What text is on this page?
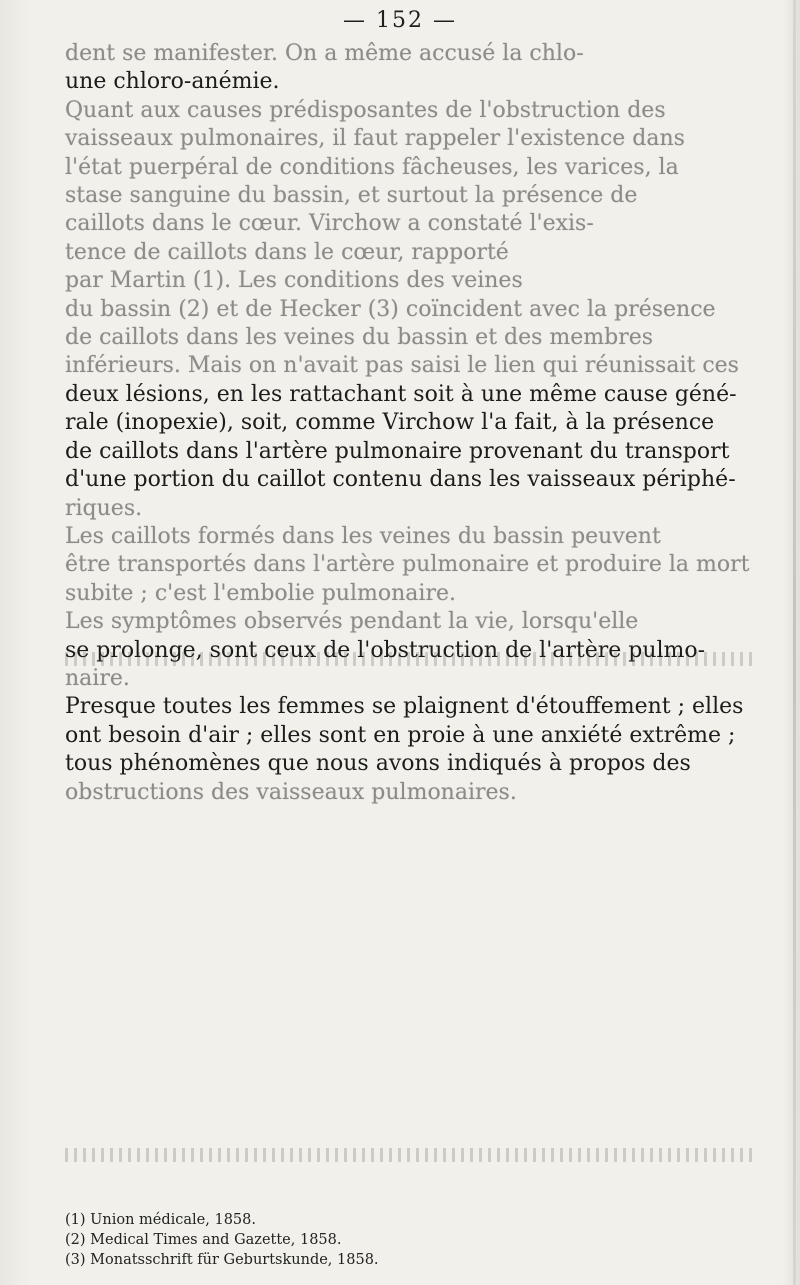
— 152 —

dent se manifester. On a même accusé la chlo-

une chloro-anémie.

Quant aux causes prédisposantes de l'obstruction des

vaisseaux pulmonaires, il faut rappeler l'existence dans

l'état puerpéral de conditions fâcheuses, les varices, la

stase sanguine du bassin, et surtout la présence de

caillots dans le cœur. Virchow a constaté l'exis-

tence de caillots dans le cœur, rapporté

par Martin (1). Les conditions des veines

du bassin (2) et de Hecker (3) coïncident avec la présence

de caillots dans les veines du bassin et des membres

inférieurs. Mais on n'avait pas saisi le lien qui réunissait ces

deux lésions, en les rattachant soit à une même cause géné-

rale (inopexie), soit, comme Virchow l'a fait, à la présence

de caillots dans l'artère pulmonaire provenant du transport

d'une portion du caillot contenu dans les vaisseaux périphé-

riques.

Les caillots formés dans les veines du bassin peuvent

être transportés dans l'artère pulmonaire et produire la mort

subite ; c'est l'embolie pulmonaire.

Les symptômes observés pendant la vie, lorsqu'elle

se prolonge, sont ceux de l'obstruction de l'artère pulmo-

naire.

Presque toutes les femmes se plaignent d'étouffement ; elles

ont besoin d'air ; elles sont en proie à une anxiété extrême ;

tous phénomènes que nous avons indiqués à propos des

obstructions des vaisseaux pulmonaires.

(1) Union médicale, 1858.

(2) Medical Times and Gazette, 1858.

(3) Monatsschrift für Geburtskunde, 1858.
